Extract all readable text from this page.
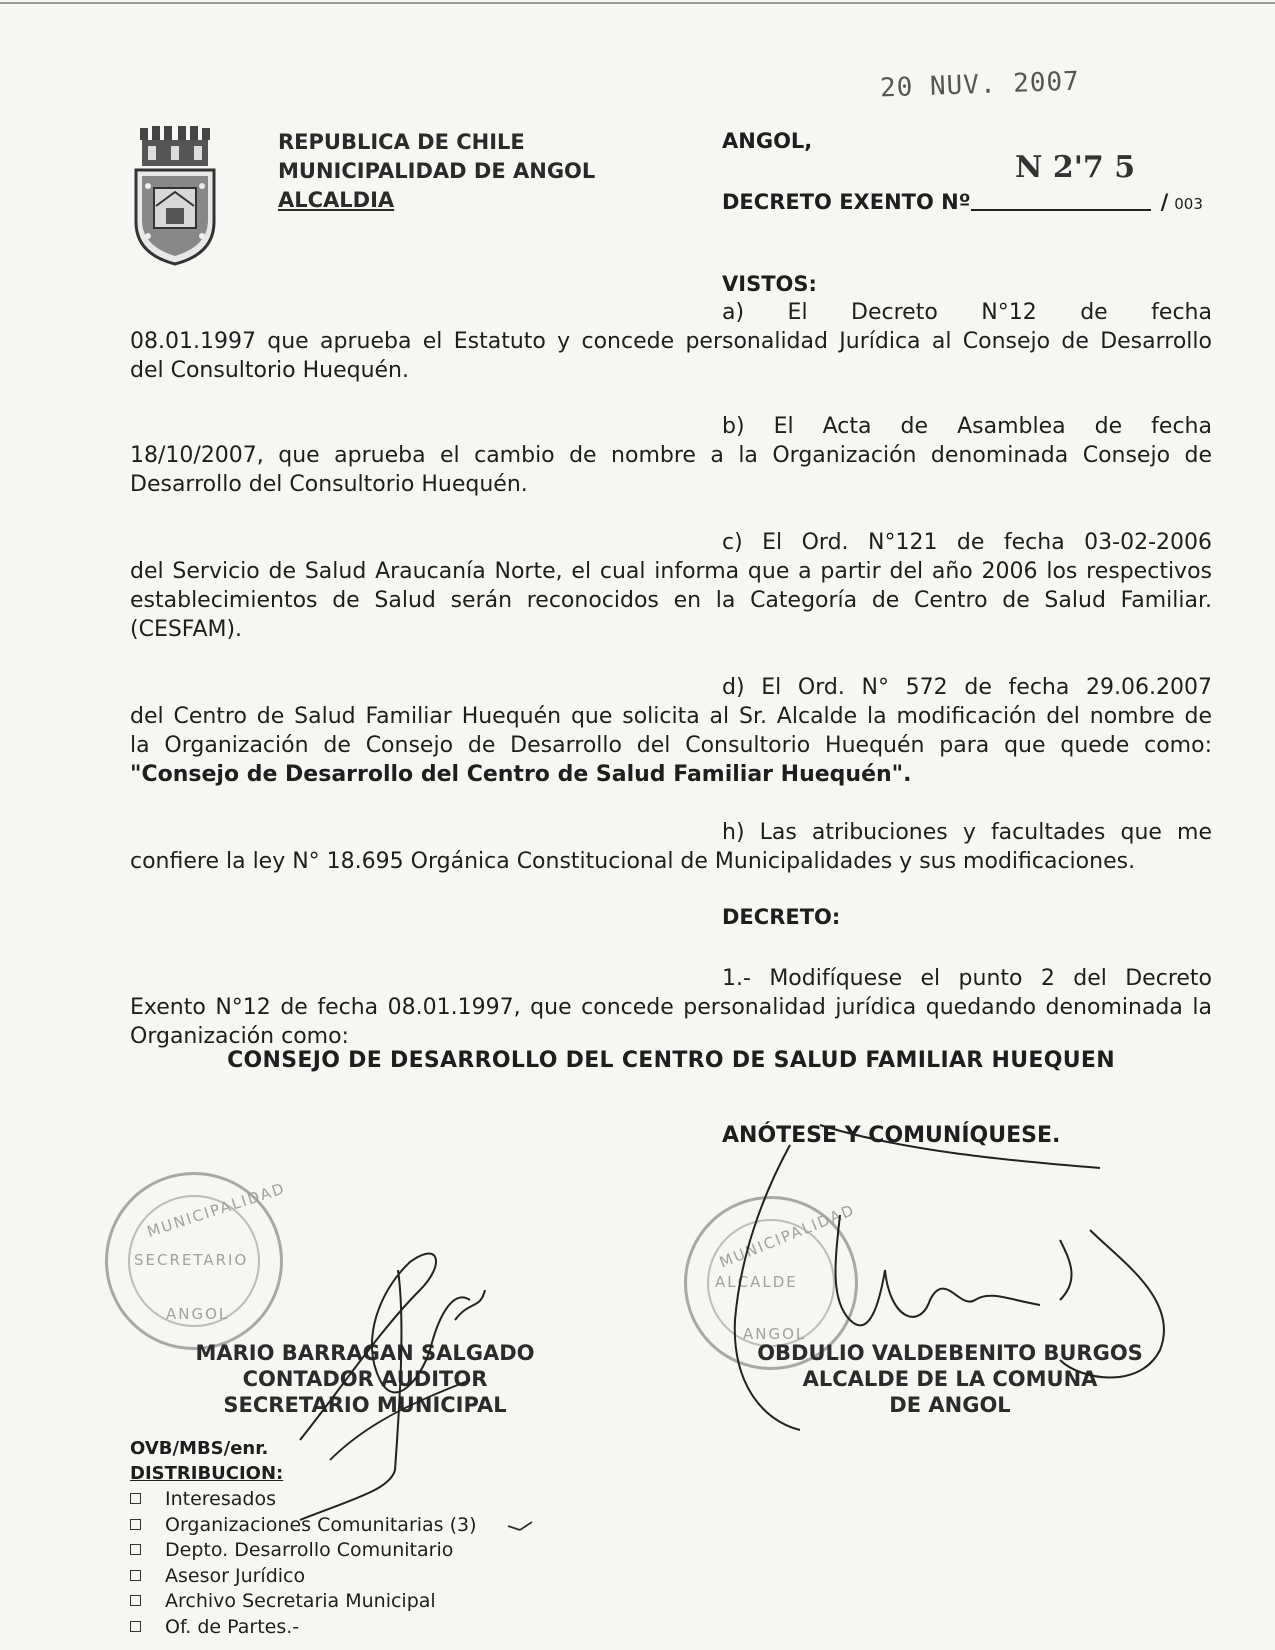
20 NUV. 2007
REPUBLICA DE CHILE
MUNICIPALIDAD DE ANGOL
ALCALDIA
ANGOL,
N 2'7 5
DECRETO EXENTO Nº	/ 003
VISTOS:
a) El Decreto N°12 de fecha
08.01.1997 que aprueba el Estatuto y concede personalidad Jurídica al Consejo de Desarrollo
del Consultorio Huequén.
b) El Acta de Asamblea de fecha
18/10/2007, que aprueba el cambio de nombre a la Organización denominada Consejo de
Desarrollo del Consultorio Huequén.
c) El Ord. N°121 de fecha 03-02-2006
del Servicio de Salud Araucanía Norte, el cual informa que a partir del año 2006 los respectivos
establecimientos de Salud serán reconocidos en la Categoría de Centro de Salud Familiar.
(CESFAM).
d) El Ord. N° 572 de fecha 29.06.2007
del Centro de Salud Familiar Huequén que solicita al Sr. Alcalde la modificación del nombre de
la Organización de Consejo de Desarrollo del Consultorio Huequén para que quede como:
"Consejo de Desarrollo del Centro de Salud Familiar Huequén".
h) Las atribuciones y facultades que me
confiere la ley N° 18.695 Orgánica Constitucional de Municipalidades y sus modificaciones.
DECRETO:
1.- Modifíquese el punto 2 del Decreto
Exento N°12 de fecha 08.01.1997, que concede personalidad jurídica quedando denominada la
Organización como:
CONSEJO DE DESARROLLO DEL CENTRO DE SALUD FAMILIAR HUEQUEN
ANÓTESE Y COMUNÍQUESE.
MUNICIPALIDAD
SECRETARIO
ANGOL
MUNICIPALIDAD
ALCALDE
ANGOL
MARIO BARRAGAN SALGADO
CONTADOR AUDITOR
SECRETARIO MUNICIPAL
OBDULIO VALDEBENITO BURGOS
ALCALDE DE LA COMUNA
DE ANGOL
OVB/MBS/enr.
DISTRIBUCION:
Interesados
Organizaciones Comunitarias (3)
Depto. Desarrollo Comunitario
Asesor Jurídico
Archivo Secretaria Municipal
Of. de Partes.-
